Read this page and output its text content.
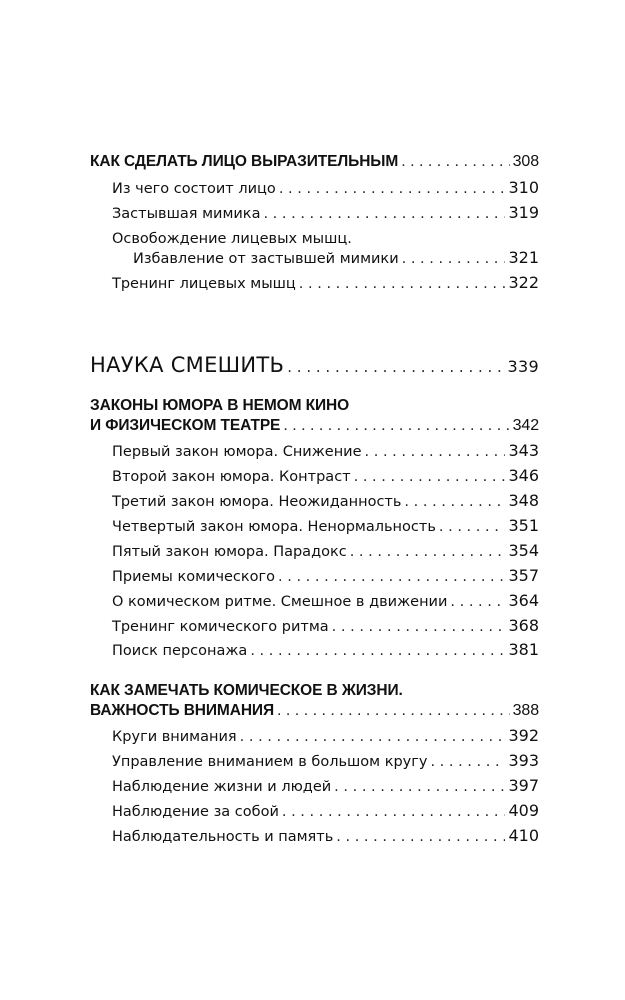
КАК СДЕЛАТЬ ЛИЦО ВЫРАЗИТЕЛЬНЫМ . . .	308
Из чего состоит лицо . . .	310
Застывшая мимика . . .	319
Освобождение лицевых мышц.
Избавление от застывшей мимики . . .	321
Тренинг лицевых мышц . . .	322
НАУКА СМЕШИТЬ . . .	339
ЗАКОНЫ ЮМОРА В НЕМОМ КИНО
И ФИЗИЧЕСКОМ ТЕАТРЕ . . .	342
Первый закон юмора. Снижение . . .	343
Второй закон юмора. Контраст . . .	346
Третий закон юмора. Неожиданность . . .	348
Четвертый закон юмора. Ненормальность . . .	351
Пятый закон юмора. Парадокс . . .	354
Приемы комического . . .	357
О комическом ритме. Смешное в движении . . .	364
Тренинг комического ритма . . .	368
Поиск персонажа . . .	381
КАК ЗАМЕЧАТЬ КОМИЧЕСКОЕ В ЖИЗНИ.
ВАЖНОСТЬ ВНИМАНИЯ . . .	388
Круги внимания . . .	392
Управление вниманием в большом кругу . . .	393
Наблюдение жизни и людей . . .	397
Наблюдение за собой . . .	409
Наблюдательность и память . . .	410
